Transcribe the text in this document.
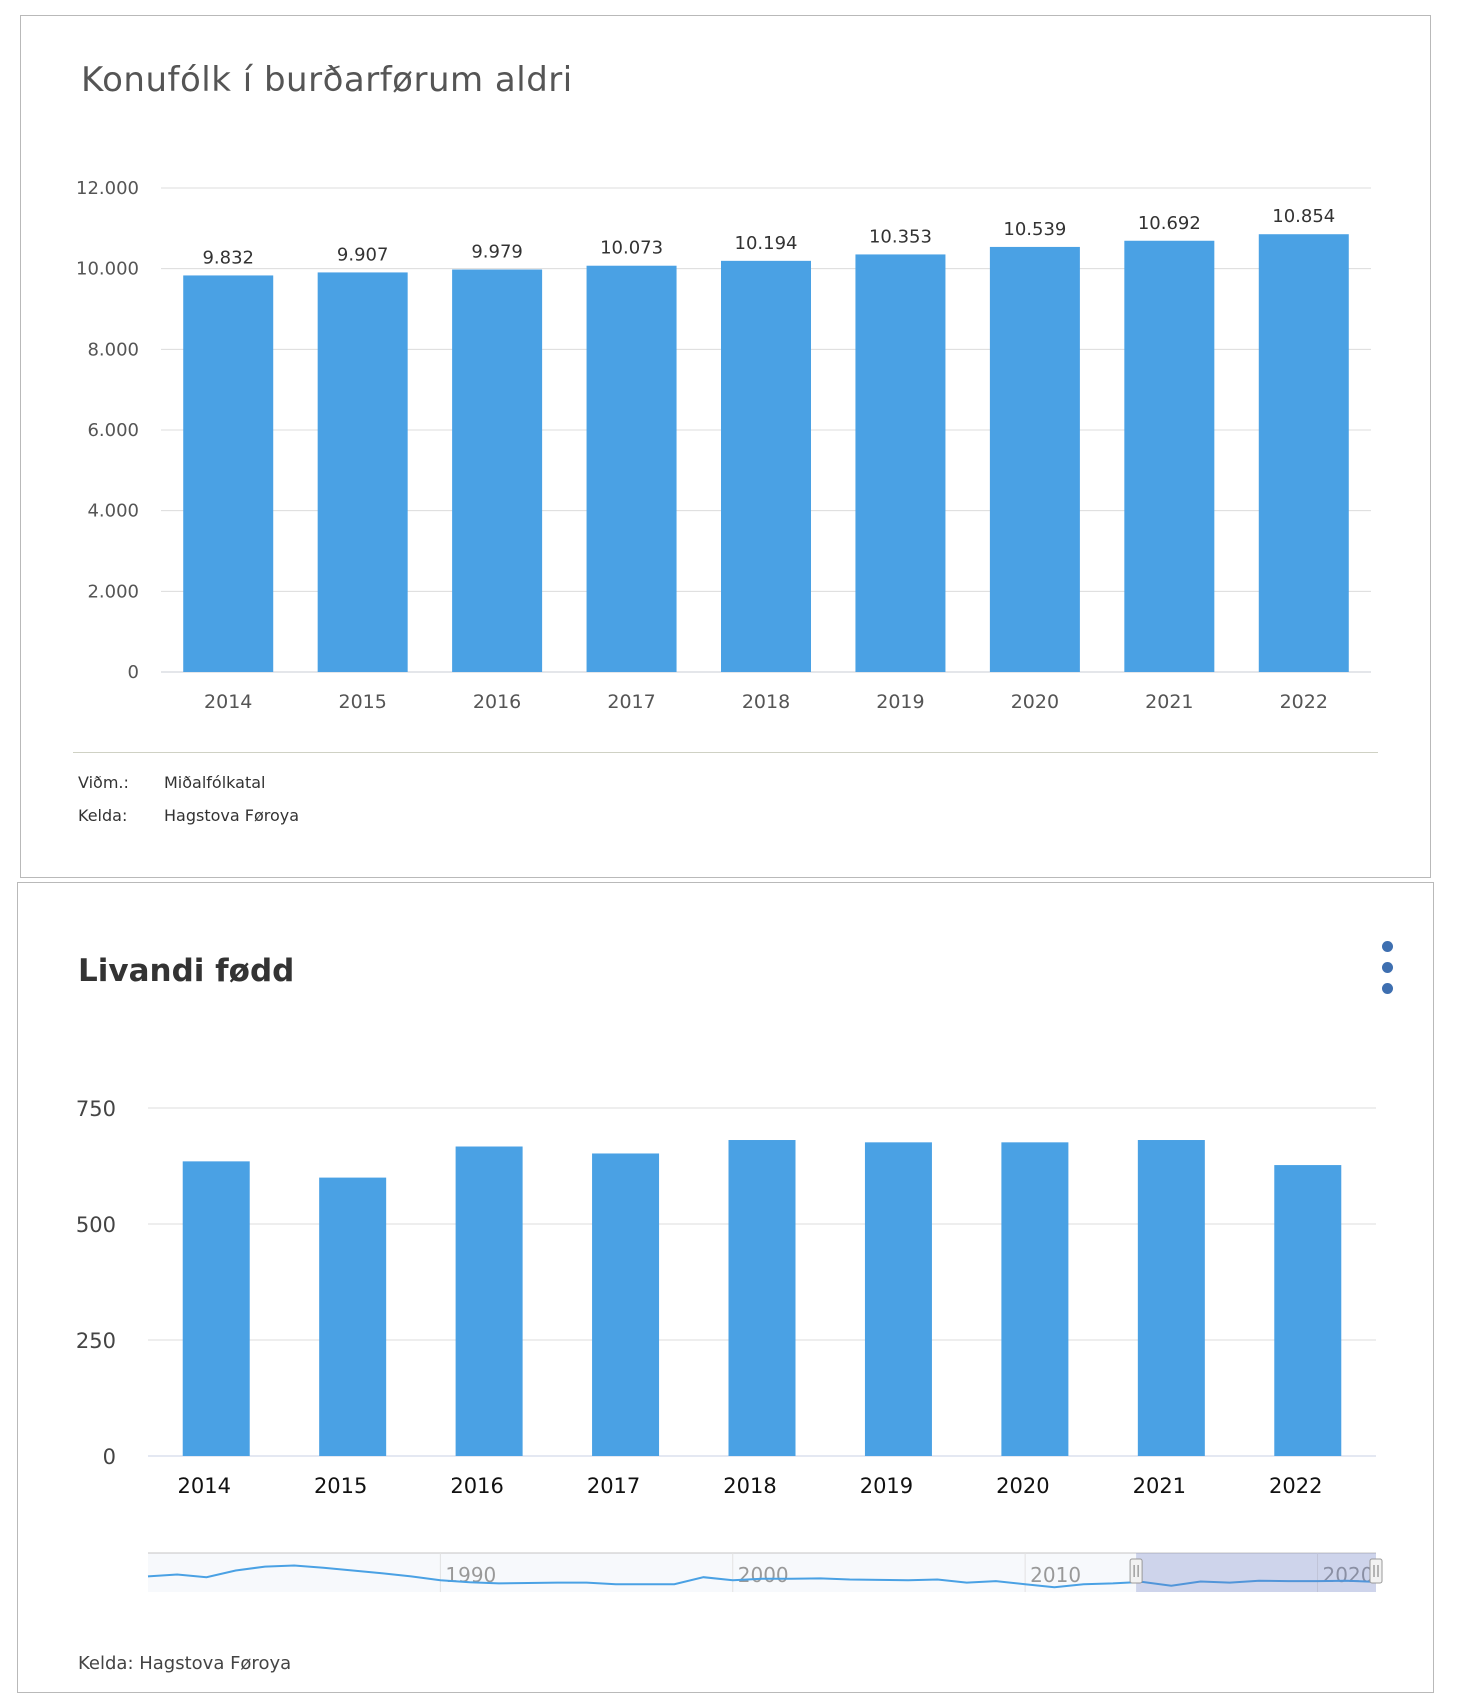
Konufólk í burðarførum aldri
0
2.000
4.000
6.000
8.000
10.000
12.000
9.832
2014
9.907
2015
9.979
2016
10.073
2017
10.194
2018
10.353
2019
10.539
2020
10.692
2021
10.854
2022
Viðm.: Miðalfólkatal
Kelda: Hagstova Føroya
Livandi fødd
0
250
500
750
2014	2015	2016	2017	2018	2019	2020	2021	2022
1990	2000	2010
Kelda: Hagstova Føroya
